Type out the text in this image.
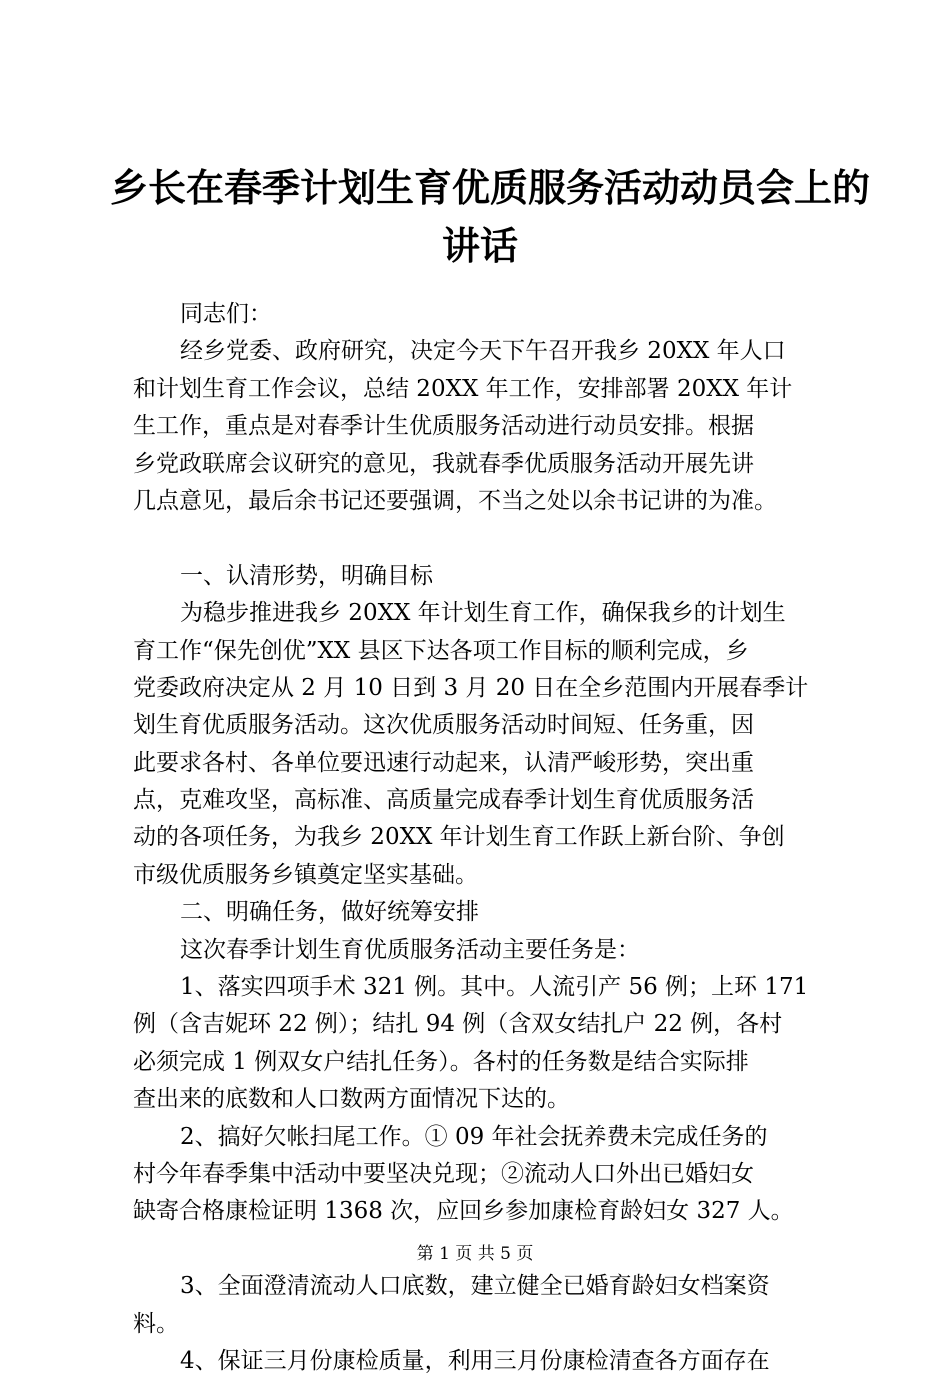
乡长在春季计划生育优质服务活动动员会上的
讲话
同志们：
经乡党委、政府研究，决定今天下午召开我乡 20XX 年人口
和计划生育工作会议，总结 20XX 年工作，安排部署 20XX 年计
生工作，重点是对春季计生优质服务活动进行动员安排。根据
乡党政联席会议研究的意见，我就春季优质服务活动开展先讲
几点意见，最后余书记还要强调，不当之处以余书记讲的为准。
一、认清形势，明确目标
为稳步推进我乡 20XX 年计划生育工作，确保我乡的计划生
育工作“保先创优”XX 县区下达各项工作目标的顺利完成，乡
党委政府决定从 2 月 10 日到 3 月 20 日在全乡范围内开展春季计
划生育优质服务活动。这次优质服务活动时间短、任务重，因
此要求各村、各单位要迅速行动起来，认清严峻形势，突出重
点，克难攻坚，高标准、高质量完成春季计划生育优质服务活
动的各项任务，为我乡 20XX 年计划生育工作跃上新台阶、争创
市级优质服务乡镇奠定坚实基础。
二、明确任务，做好统筹安排
这次春季计划生育优质服务活动主要任务是：
1、落实四项手术 321 例。其中。人流引产 56 例；上环 171
例（含吉妮环 22 例）；结扎 94 例（含双女结扎户 22 例，各村
必须完成 1 例双女户结扎任务）。各村的任务数是结合实际排
查出来的底数和人口数两方面情况下达的。
2、搞好欠帐扫尾工作。① 09 年社会抚养费未完成任务的
村今年春季集中活动中要坚决兑现；②流动人口外出已婚妇女
缺寄合格康检证明 1368 次，应回乡参加康检育龄妇女 327 人。
3、全面澄清流动人口底数，建立健全已婚育龄妇女档案资
料。
4、保证三月份康检质量，利用三月份康检清查各方面存在
第 1 页 共 5 页
